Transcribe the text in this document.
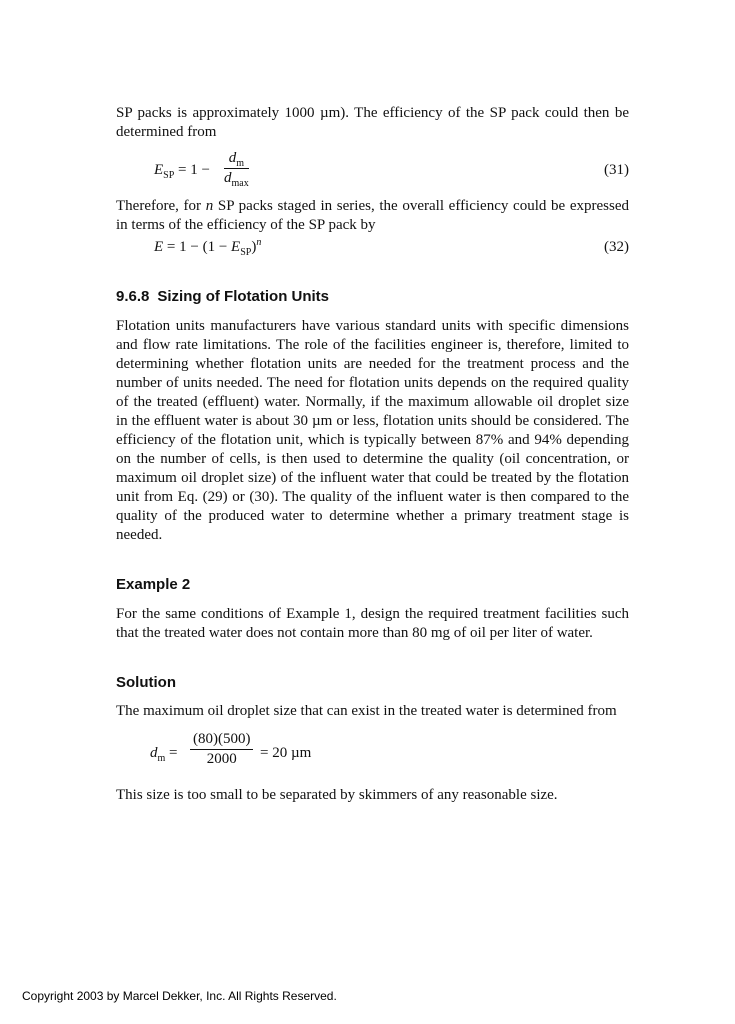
SP packs is approximately 1000 µm). The efficiency of the SP pack could then be determined from

$E_{SP} = 1$ −
$d_m$
$d_{max}$
(31)

Therefore, for n SP packs staged in series, the overall efficiency could be expressed in terms of the efficiency of the SP pack by

$E = 1 - (1 - E_{SP})^n$	(32)
9.6.8 Sizing of Flotation Units

Flotation units manufacturers have various standard units with specific dimensions and flow rate limitations. The role of the facilities engineer is, therefore, limited to determining whether flotation units are needed for the treatment process and the number of units needed. The need for flotation units depends on the required quality of the treated (effluent) water. Normally, if the maximum allowable oil droplet size in the effluent water is about 30 µm or less, flotation units should be considered. The efficiency of the flotation unit, which is typically between 87% and 94% depending on the number of cells, is then used to determine the quality (oil concentration, or maximum oil droplet size) of the influent water that could be treated by the flotation unit from Eq. (29) or (30). The quality of the influent water is then compared to the quality of the produced water to determine whether a primary treatment stage is needed.

Example 2

For the same conditions of Example 1, design the required treatment facilities such that the treated water does not contain more than 80 mg of oil per liter of water.

Solution

The maximum oil droplet size that can exist in the treated water is determined from

$d_m = \frac{(80)(500)}{2000} = 20$ µm

This size is too small to be separated by skimmers of any reasonable size.

Copyright 2003 by Marcel Dekker, Inc. All Rights Reserved.
